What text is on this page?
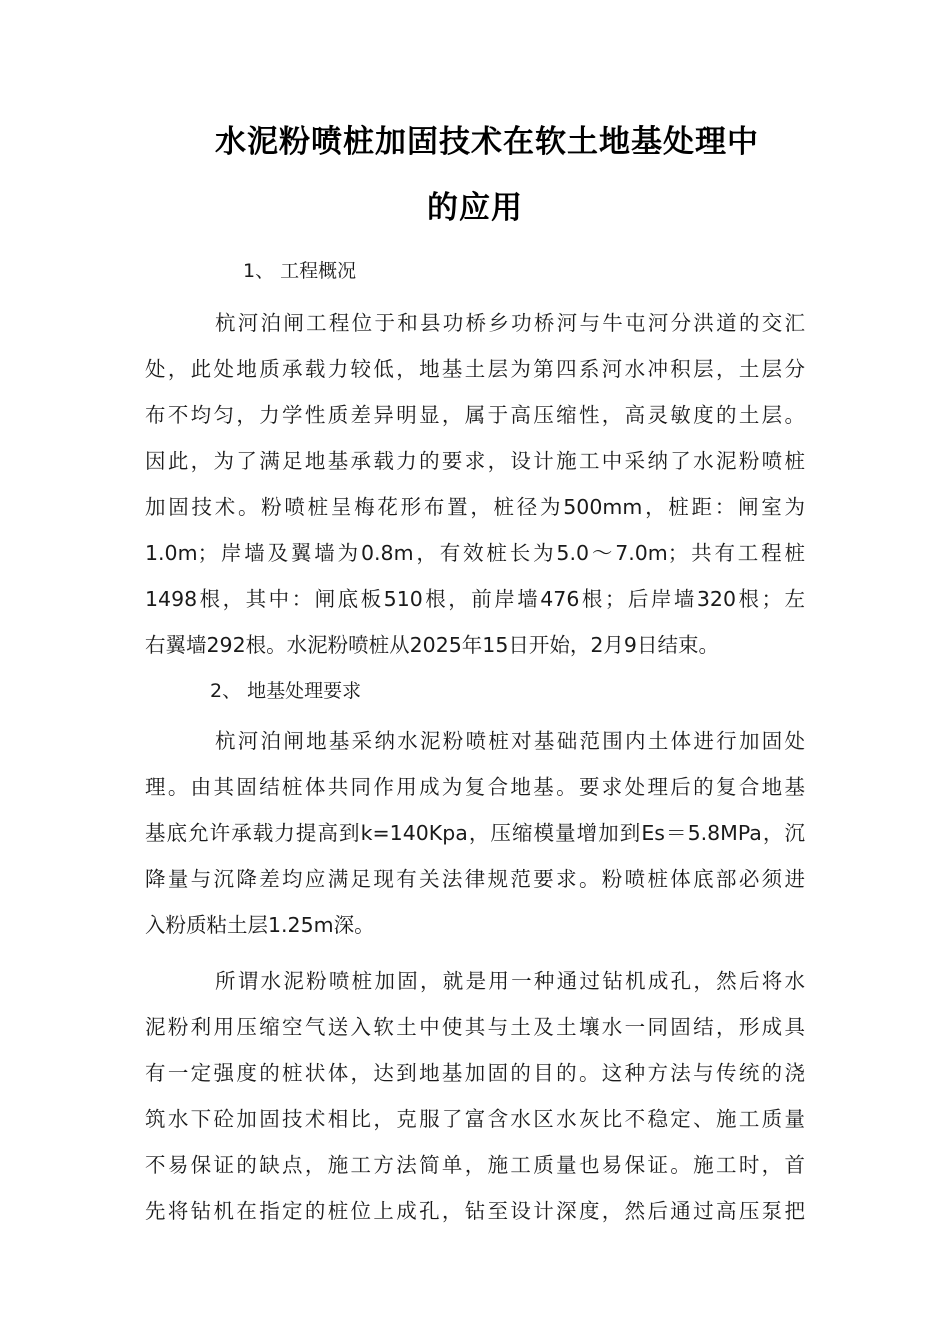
水泥粉喷桩加固技术在软土地基处理中
的应用
1、 工程概况
杭河泊闸工程位于和县功桥乡功桥河与牛屯河分洪道的交汇
处，此处地质承载力较低，地基土层为第四系河水冲积层，土层分
布不均匀，力学性质差异明显，属于高压缩性，高灵敏度的土层。
因此，为了满足地基承载力的要求，设计施工中采纳了水泥粉喷桩
加固技术。粉喷桩呈梅花形布置，桩径为500mm，桩距：闸室为
1.0m；岸墙及翼墙为0.8m，有效桩长为5.0～7.0m；共有工程桩
1498根，其中：闸底板510根，前岸墙476根；后岸墙320根；左
右翼墙292根。水泥粉喷桩从2025年15日开始，2月9日结束。
2、 地基处理要求
杭河泊闸地基采纳水泥粉喷桩对基础范围内土体进行加固处
理。由其固结桩体共同作用成为复合地基。要求处理后的复合地基
基底允许承载力提高到k=140Kpa，压缩模量增加到Es＝5.8MPa，沉
降量与沉降差均应满足现有关法律规范要求。粉喷桩体底部必须进
入粉质粘土层1.25m深。
所谓水泥粉喷桩加固，就是用一种通过钻机成孔，然后将水
泥粉利用压缩空气送入软土中使其与土及土壤水一同固结，形成具
有一定强度的桩状体，达到地基加固的目的。这种方法与传统的浇
筑水下砼加固技术相比，克服了富含水区水灰比不稳定、施工质量
不易保证的缺点，施工方法简单，施工质量也易保证。施工时，首
先将钻机在指定的桩位上成孔，钻至设计深度，然后通过高压泵把
